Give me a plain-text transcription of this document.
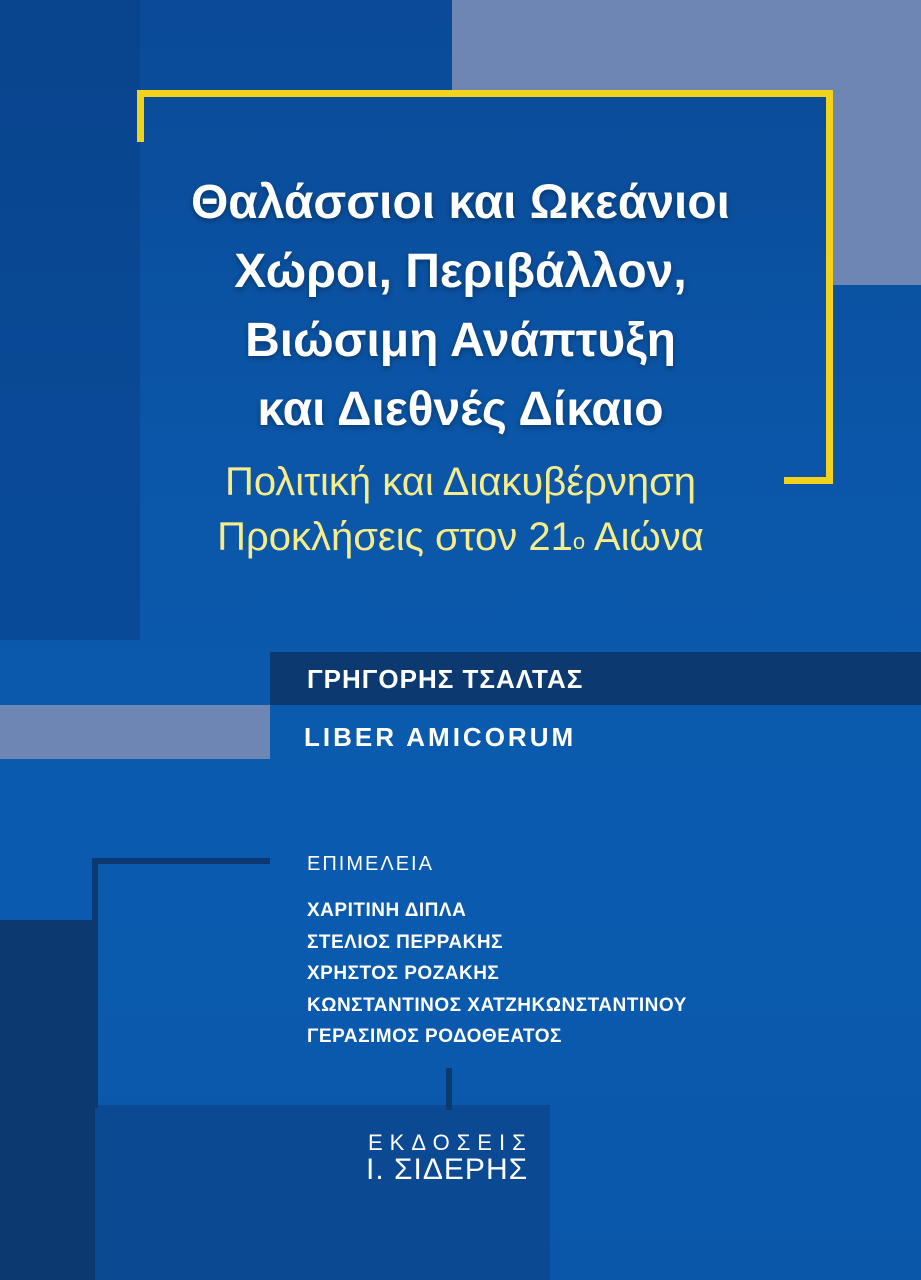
Θαλάσσιοι και Ωκεάνιοι
Χώροι, Περιβάλλον,
Βιώσιμη Ανάπτυξη
και Διεθνές Δίκαιο
Πολιτική και Διακυβέρνηση
Προκλήσεις στον $21^o$ Αιώνα
ΓΡΗΓΟΡΗΣ ΤΣΑΛΤΑΣ
LIBER AMICORUM
ΕΠΙΜΕΛΕΙΑ
ΧΑΡΙΤΙΝΗ ΔΙΠΛΑ
ΣΤΕΛΙΟΣ ΠΕΡΡΑΚΗΣ
ΧΡΗΣΤΟΣ ΡΟΖΑΚΗΣ
ΚΩΝΣΤΑΝΤΙΝΟΣ ΧΑΤΖΗΚΩΝΣΤΑΝΤΙΝΟΥ
ΓΕΡΑΣΙΜΟΣ ΡΟΔΟΘΕΑΤΟΣ
ΕΚΔΟΣΕΙΣ
Ι. ΣΙΔΕΡΗΣ
